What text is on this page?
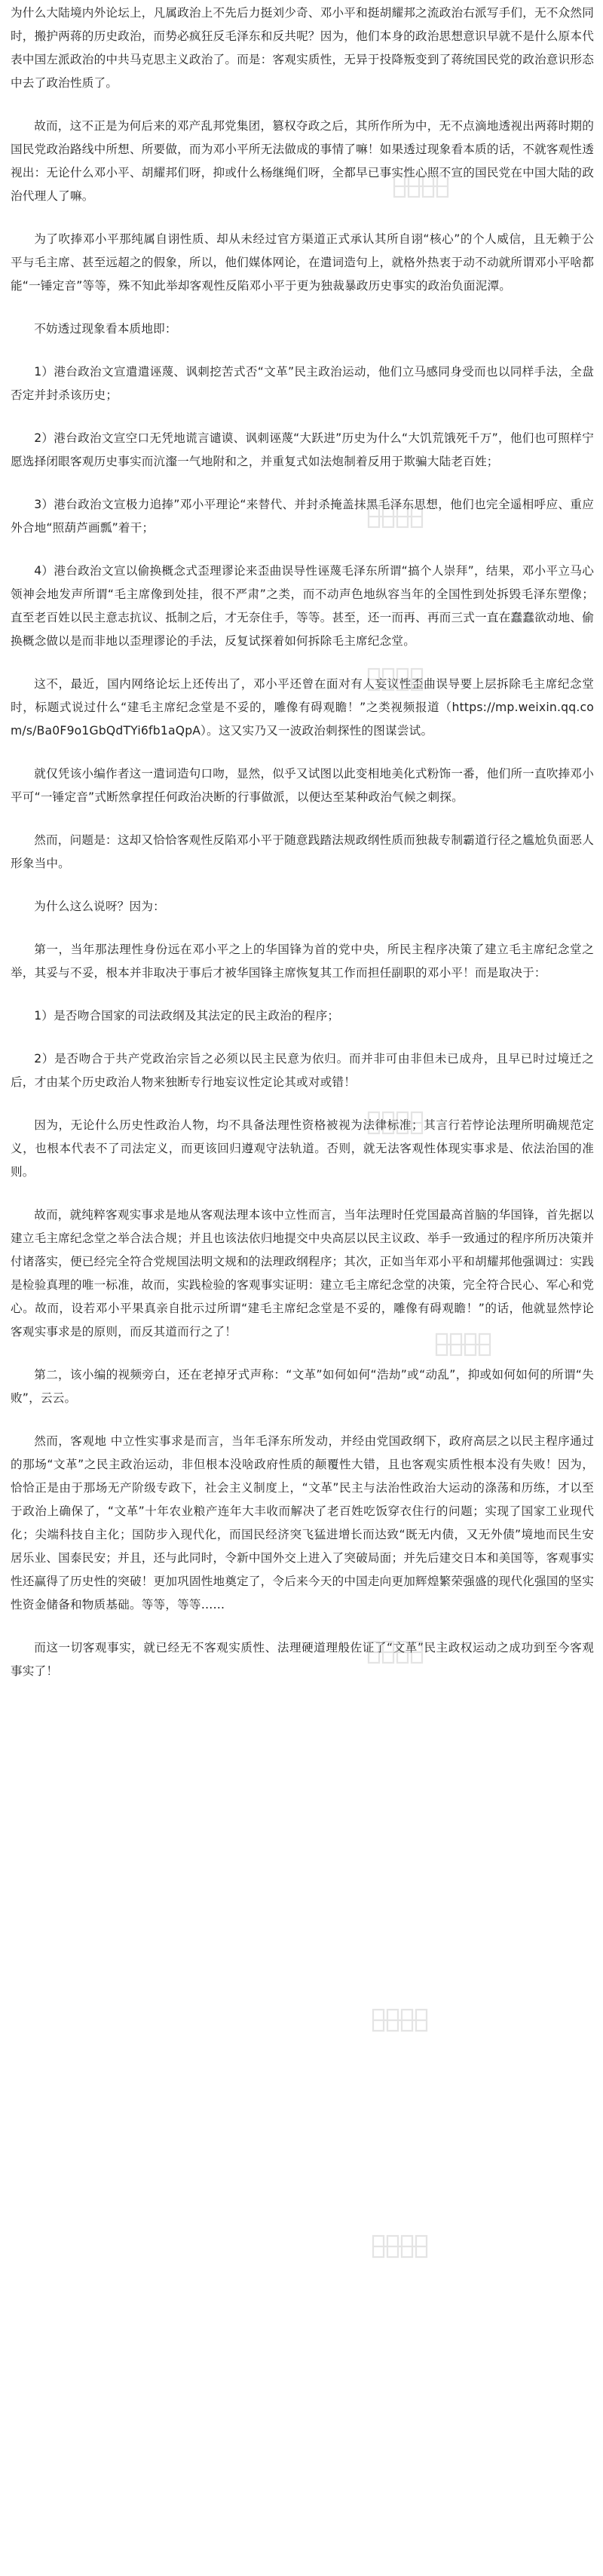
为什么大陆境内外论坛上，凡属政治上不先后力挺刘少奇、邓小平和挺胡耀邦之流政治右派写手们，无不众然同时，搬护两蒋的历史政治，而势必疯狂反毛泽东和反共呢？因为，他们本身的政治思想意识早就不是什么原本代表中国左派政治的中共马克思主义政治了。而是：客观实质性，无异于投降叛变到了蒋统国民党的政治意识形态中去了政治性质了。

故而，这不正是为何后来的邓产乱邦党集团，篡权夺政之后，其所作所为中，无不点滴地透视出两蒋时期的国民党政治路线中所想、所要做，而为邓小平所无法做成的事情了嘛！如果透过现象看本质的话，不就客观性透视出：无论什么邓小平、胡耀邦们呀，抑或什么杨继绳们呀，全都早已事实性心照不宣的国民党在中国大陆的政治代理人了嘛。

为了吹捧邓小平那纯属自诩性质、却从未经过官方渠道正式承认其所自诩“核心”的个人威信，且无赖于公平与毛主席、甚至远超之的假象，所以，他们媒体网论，在遣词造句上，就格外热衷于动不动就所谓邓小平啥都能“一锤定音”等等，殊不知此举却客观性反陷邓小平于更为独裁暴政历史事实的政治负面泥潭。

不妨透过现象看本质地即：

1）港台政治文宣遣遣诬蔑、讽刺挖苦式否“文革”民主政治运动，他们立马感同身受而也以同样手法，全盘否定并封杀该历史；

2）港台政治文宣空口无凭地谎言谴谟、讽刺诬蔑“大跃进”历史为什么“大饥荒饿死千万”，他们也可照样宁愿选择闭眼客观历史事实而沆瀣一气地附和之，并重复式如法炮制着反用于欺骗大陆老百姓；

3）港台政治文宣极力追捧”邓小平理论“来替代、并封杀掩盖抹黑毛泽东思想，他们也完全遥相呼应、重应外合地“照葫芦画瓢”着干；

4）港台政治文宣以偷换概念式歪理谬论来歪曲误导性诬蔑毛泽东所谓“搞个人崇拜”，结果，邓小平立马心领神会地发声所谓“毛主席像到处挂，很不严肃”之类，而不动声色地纵容当年的全国性到处拆毁毛泽东塑像；直至老百姓以民主意志抗议、抵制之后，才无奈住手，等等。甚至，还一而再、再而三式一直在蠢蠢欲动地、偷换概念做以是而非地以歪理谬论的手法，反复试探着如何拆除毛主席纪念堂。

这不，最近，国内网络论坛上还传出了，邓小平还曾在面对有人妄议性歪曲误导要上层拆除毛主席纪念堂时，标题式说过什么“建毛主席纪念堂是不妥的，雕像有碍观瞻！”之类视频报道（https://mp.weixin.qq.com/s/Ba0F9o1GbQdTYi6fb1aQpA）。这又实乃又一波政治刺探性的图谋尝试。

就仅凭该小编作者这一遣词造句口吻，显然，似乎又试图以此变相地美化式粉饰一番，他们所一直吹捧邓小平可“一锤定音”式断然拿捏任何政治决断的行事做派，以便达至某种政治气候之刺探。

然而，问题是：这却又恰恰客观性反陷邓小平于随意践踏法规政纲性质而独裁专制霸道行径之尴尬负面恶人形象当中。

为什么这么说呀？因为：

第一，当年那法理性身份远在邓小平之上的华国锋为首的党中央，所民主程序决策了建立毛主席纪念堂之举，其妥与不妥，根本并非取决于事后才被华国锋主席恢复其工作而担任副职的邓小平！而是取决于：

1）是否吻合国家的司法政纲及其法定的民主政治的程序；

2）是否吻合于共产党政治宗旨之必须以民主民意为依归。而并非可由非但未已成舟，且早已时过境迁之后，才由某个历史政治人物来独断专行地妄议性定论其或对或错！

因为，无论什么历史性政治人物，均不具备法理性资格被视为法律标准；其言行若悖论法理所明确规范定义，也根本代表不了司法定义，而更该回归遵观守法轨道。否则，就无法客观性体现实事求是、依法治国的准则。

故而，就纯粹客观实事求是地从客观法理本该中立性而言，当年法理时任党国最高首脑的华国锋，首先据以建立毛主席纪念堂之举合法合规；并且也该法依归地提交中央高层以民主议政、举手一致通过的程序所历决策并付诸落实，便已经完全符合党规国法明文规和的法理政纲程序；其次，正如当年邓小平和胡耀邦他强调过：实践是检验真理的唯一标准，故而，实践检验的客观事实证明：建立毛主席纪念堂的决策，完全符合民心、军心和党心。故而，设若邓小平果真亲自批示过所谓“建毛主席纪念堂是不妥的，雕像有碍观瞻！”的话，他就显然悖论客观实事求是的原则，而反其道而行之了！

第二，该小编的视频旁白，还在老掉牙式声称：“文革”如何如何“浩劫”或“动乱”，抑或如何如何的所谓“失败”，云云。

然而，客观地 中立性实事求是而言，当年毛泽东所发动，并经由党国政纲下，政府高层之以民主程序通过的那场“文革”之民主政治运动，非但根本没啥政府性质的颠覆性大错，且也客观实质性根本没有失败！因为，恰恰正是由于那场无产阶级专政下，社会主义制度上，“文革”民主与法治性政治大运动的涤荡和历练，才以至于政治上确保了，“文革”十年农业粮产连年大丰收而解决了老百姓吃饭穿衣住行的问题；实现了国家工业现代化；尖端科技自主化；国防步入现代化，而国民经济突飞猛进增长而达致“既无内债，又无外债”境地而民生安居乐业、国泰民安；并且，还与此同时，令新中国外交上进入了突破局面；并先后建交日本和美国等，客观事实性还赢得了历史性的突破！更加巩固性地奠定了，令后来今天的中国走向更加辉煌繁荣强盛的现代化强国的坚实性资金储备和物质基础。等等，等等……

而这一切客观事实，就已经无不客观实质性、法理硬道理般佐证了“文革”民主政权运动之成功到至今客观事实了！
